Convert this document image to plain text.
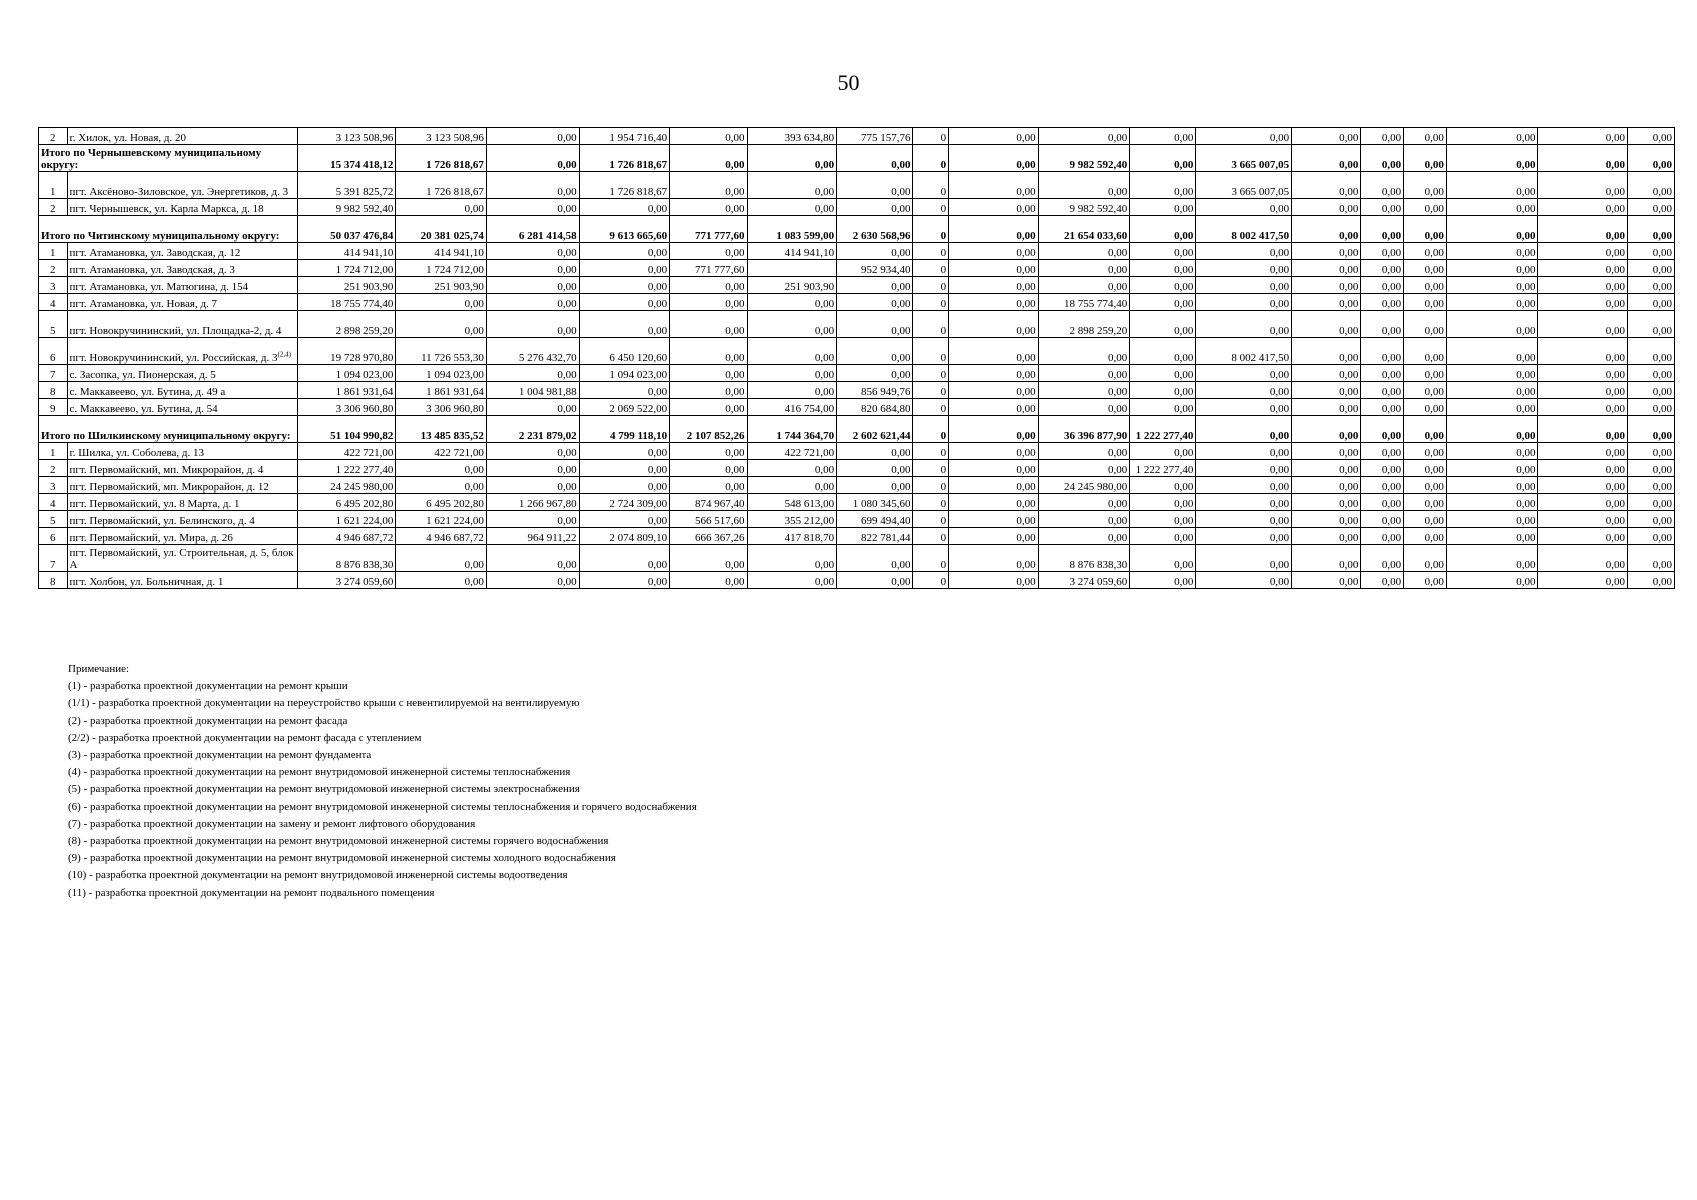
50
2	г. Хилок, ул. Новая, д. 20	3 123 508,96	3 123 508,96	0,00	1 954 716,40	0,00	393 634,80	775 157,76	0	0,00	0,00	0,00	0,00	0,00	0,00	0,00	0,00	0,00	0,00
Итого по Чернышевскому муниципальному округу:		15 374 418,12	1 726 818,67	0,00	1 726 818,67	0,00	0,00	0,00	0	0,00	9 982 592,40	0,00	3 665 007,05	0,00	0,00	0,00	0,00	0,00	0,00
1	пгт. Аксёново-Зиловское, ул. Энергетиков, д. 3	5 391 825,72	1 726 818,67	0,00	1 726 818,67	0,00	0,00	0,00	0	0,00	0,00	0,00	3 665 007,05	0,00	0,00	0,00	0,00	0,00	0,00
2	пгт. Чернышевск, ул. Карла Маркса, д. 18	9 982 592,40	0,00	0,00	0,00	0,00	0,00	0,00	0	0,00	9 982 592,40	0,00	0,00	0,00	0,00	0,00	0,00	0,00	0,00
Итого по Читинскому муниципальному округу:		50 037 476,84	20 381 025,74	6 281 414,58	9 613 665,60	771 777,60	1 083 599,00	2 630 568,96	0	0,00	21 654 033,60	0,00	8 002 417,50	0,00	0,00	0,00	0,00	0,00	0,00
1	пгт. Атамановка, ул. Заводская, д. 12	414 941,10	414 941,10	0,00	0,00	0,00	414 941,10	0,00	0	0,00	0,00	0,00	0,00	0,00	0,00	0,00	0,00	0,00	0,00
2	пгт. Атамановка, ул. Заводская, д. 3	1 724 712,00	1 724 712,00	0,00	0,00	771 777,60		952 934,40	0	0,00	0,00	0,00	0,00	0,00	0,00	0,00	0,00	0,00	0,00
3	пгт. Атамановка, ул. Матюгина, д. 154	251 903,90	251 903,90	0,00	0,00	0,00	251 903,90	0,00	0	0,00	0,00	0,00	0,00	0,00	0,00	0,00	0,00	0,00	0,00
4	пгт. Атамановка, ул. Новая, д. 7	18 755 774,40	0,00	0,00	0,00	0,00	0,00	0,00	0	0,00	18 755 774,40	0,00	0,00	0,00	0,00	0,00	0,00	0,00	0,00
5	пгт. Новокручининский, ул. Площадка-2, д. 4	2 898 259,20	0,00	0,00	0,00	0,00	0,00	0,00	0	0,00	2 898 259,20	0,00	0,00	0,00	0,00	0,00	0,00	0,00	0,00
6	пгт. Новокручининский, ул. Российская, д. 3$^{(2,4)}$	19 728 970,80	11 726 553,30	5 276 432,70	6 450 120,60	0,00	0,00	0,00	0	0,00	0,00	0,00	8 002 417,50	0,00	0,00	0,00	0,00	0,00	0,00
7	с. Засопка, ул. Пионерская, д. 5	1 094 023,00	1 094 023,00	0,00	1 094 023,00	0,00	0,00	0,00	0	0,00	0,00	0,00	0,00	0,00	0,00	0,00	0,00	0,00	0,00
8	с. Маккавеево, ул. Бутина, д. 49 а	1 861 931,64	1 861 931,64	1 004 981,88	0,00	0,00	0,00	856 949,76	0	0,00	0,00	0,00	0,00	0,00	0,00	0,00	0,00	0,00	0,00
9	с. Маккавеево, ул. Бутина, д. 54	3 306 960,80	3 306 960,80	0,00	2 069 522,00	0,00	416 754,00	820 684,80	0	0,00	0,00	0,00	0,00	0,00	0,00	0,00	0,00	0,00	0,00
Итого по Шилкинскому муниципальному округу:		51 104 990,82	13 485 835,52	2 231 879,02	4 799 118,10	2 107 852,26	1 744 364,70	2 602 621,44	0	0,00	36 396 877,90	1 222 277,40	0,00	0,00	0,00	0,00	0,00	0,00	0,00
1	г. Шилка, ул. Соболева, д. 13	422 721,00	422 721,00	0,00	0,00	0,00	422 721,00	0,00	0	0,00	0,00	0,00	0,00	0,00	0,00	0,00	0,00	0,00	0,00
2	пгт. Первомайский, мп. Микрорайон, д. 4	1 222 277,40	0,00	0,00	0,00	0,00	0,00	0,00	0	0,00	0,00	1 222 277,40	0,00	0,00	0,00	0,00	0,00	0,00	0,00
3	пгт. Первомайский, мп. Микрорайон, д. 12	24 245 980,00	0,00	0,00	0,00	0,00	0,00	0,00	0	0,00	24 245 980,00	0,00	0,00	0,00	0,00	0,00	0,00	0,00	0,00
4	пгт. Первомайский, ул. 8 Марта, д. 1	6 495 202,80	6 495 202,80	1 266 967,80	2 724 309,00	874 967,40	548 613,00	1 080 345,60	0	0,00	0,00	0,00	0,00	0,00	0,00	0,00	0,00	0,00	0,00
5	пгт. Первомайский, ул. Белинского, д. 4	1 621 224,00	1 621 224,00	0,00	0,00	566 517,60	355 212,00	699 494,40	0	0,00	0,00	0,00	0,00	0,00	0,00	0,00	0,00	0,00	0,00
6	пгт. Первомайский, ул. Мира, д. 26	4 946 687,72	4 946 687,72	964 911,22	2 074 809,10	666 367,26	417 818,70	822 781,44	0	0,00	0,00	0,00	0,00	0,00	0,00	0,00	0,00	0,00	0,00
7	пгт. Первомайский, ул. Строительная, д. 5, блок А	8 876 838,30	0,00	0,00	0,00	0,00	0,00	0,00	0	0,00	8 876 838,30	0,00	0,00	0,00	0,00	0,00	0,00	0,00	0,00
8	пгт. Холбон, ул. Больничная, д. 1	3 274 059,60	0,00	0,00	0,00	0,00	0,00	0,00	0	0,00	3 274 059,60	0,00	0,00	0,00	0,00	0,00	0,00	0,00	0,00
Примечание:
(1) - разработка проектной документации на ремонт крыши
(1/1) - разработка проектной документации на переустройство крыши с невентилируемой на вентилируемую
(2) - разработка проектной документации на ремонт фасада
(2/2) - разработка проектной документации на ремонт фасада с утеплением
(3) - разработка проектной документации на ремонт фундамента
(4) - разработка проектной документации на ремонт внутридомовой инженерной системы теплоснабжения
(5) - разработка проектной документации на ремонт внутридомовой инженерной системы электроснабжения
(6) - разработка проектной документации на ремонт внутридомовой инженерной системы теплоснабжения и горячего водоснабжения
(7) - разработка проектной документации на замену и ремонт лифтового оборудования
(8) - разработка проектной документации на ремонт внутридомовой инженерной системы горячего водоснабжения
(9) - разработка проектной документации на ремонт внутридомовой инженерной системы холодного водоснабжения
(10) - разработка проектной документации на ремонт внутридомовой инженерной системы водоотведения
(11) - разработка проектной документации на ремонт подвального помещения
